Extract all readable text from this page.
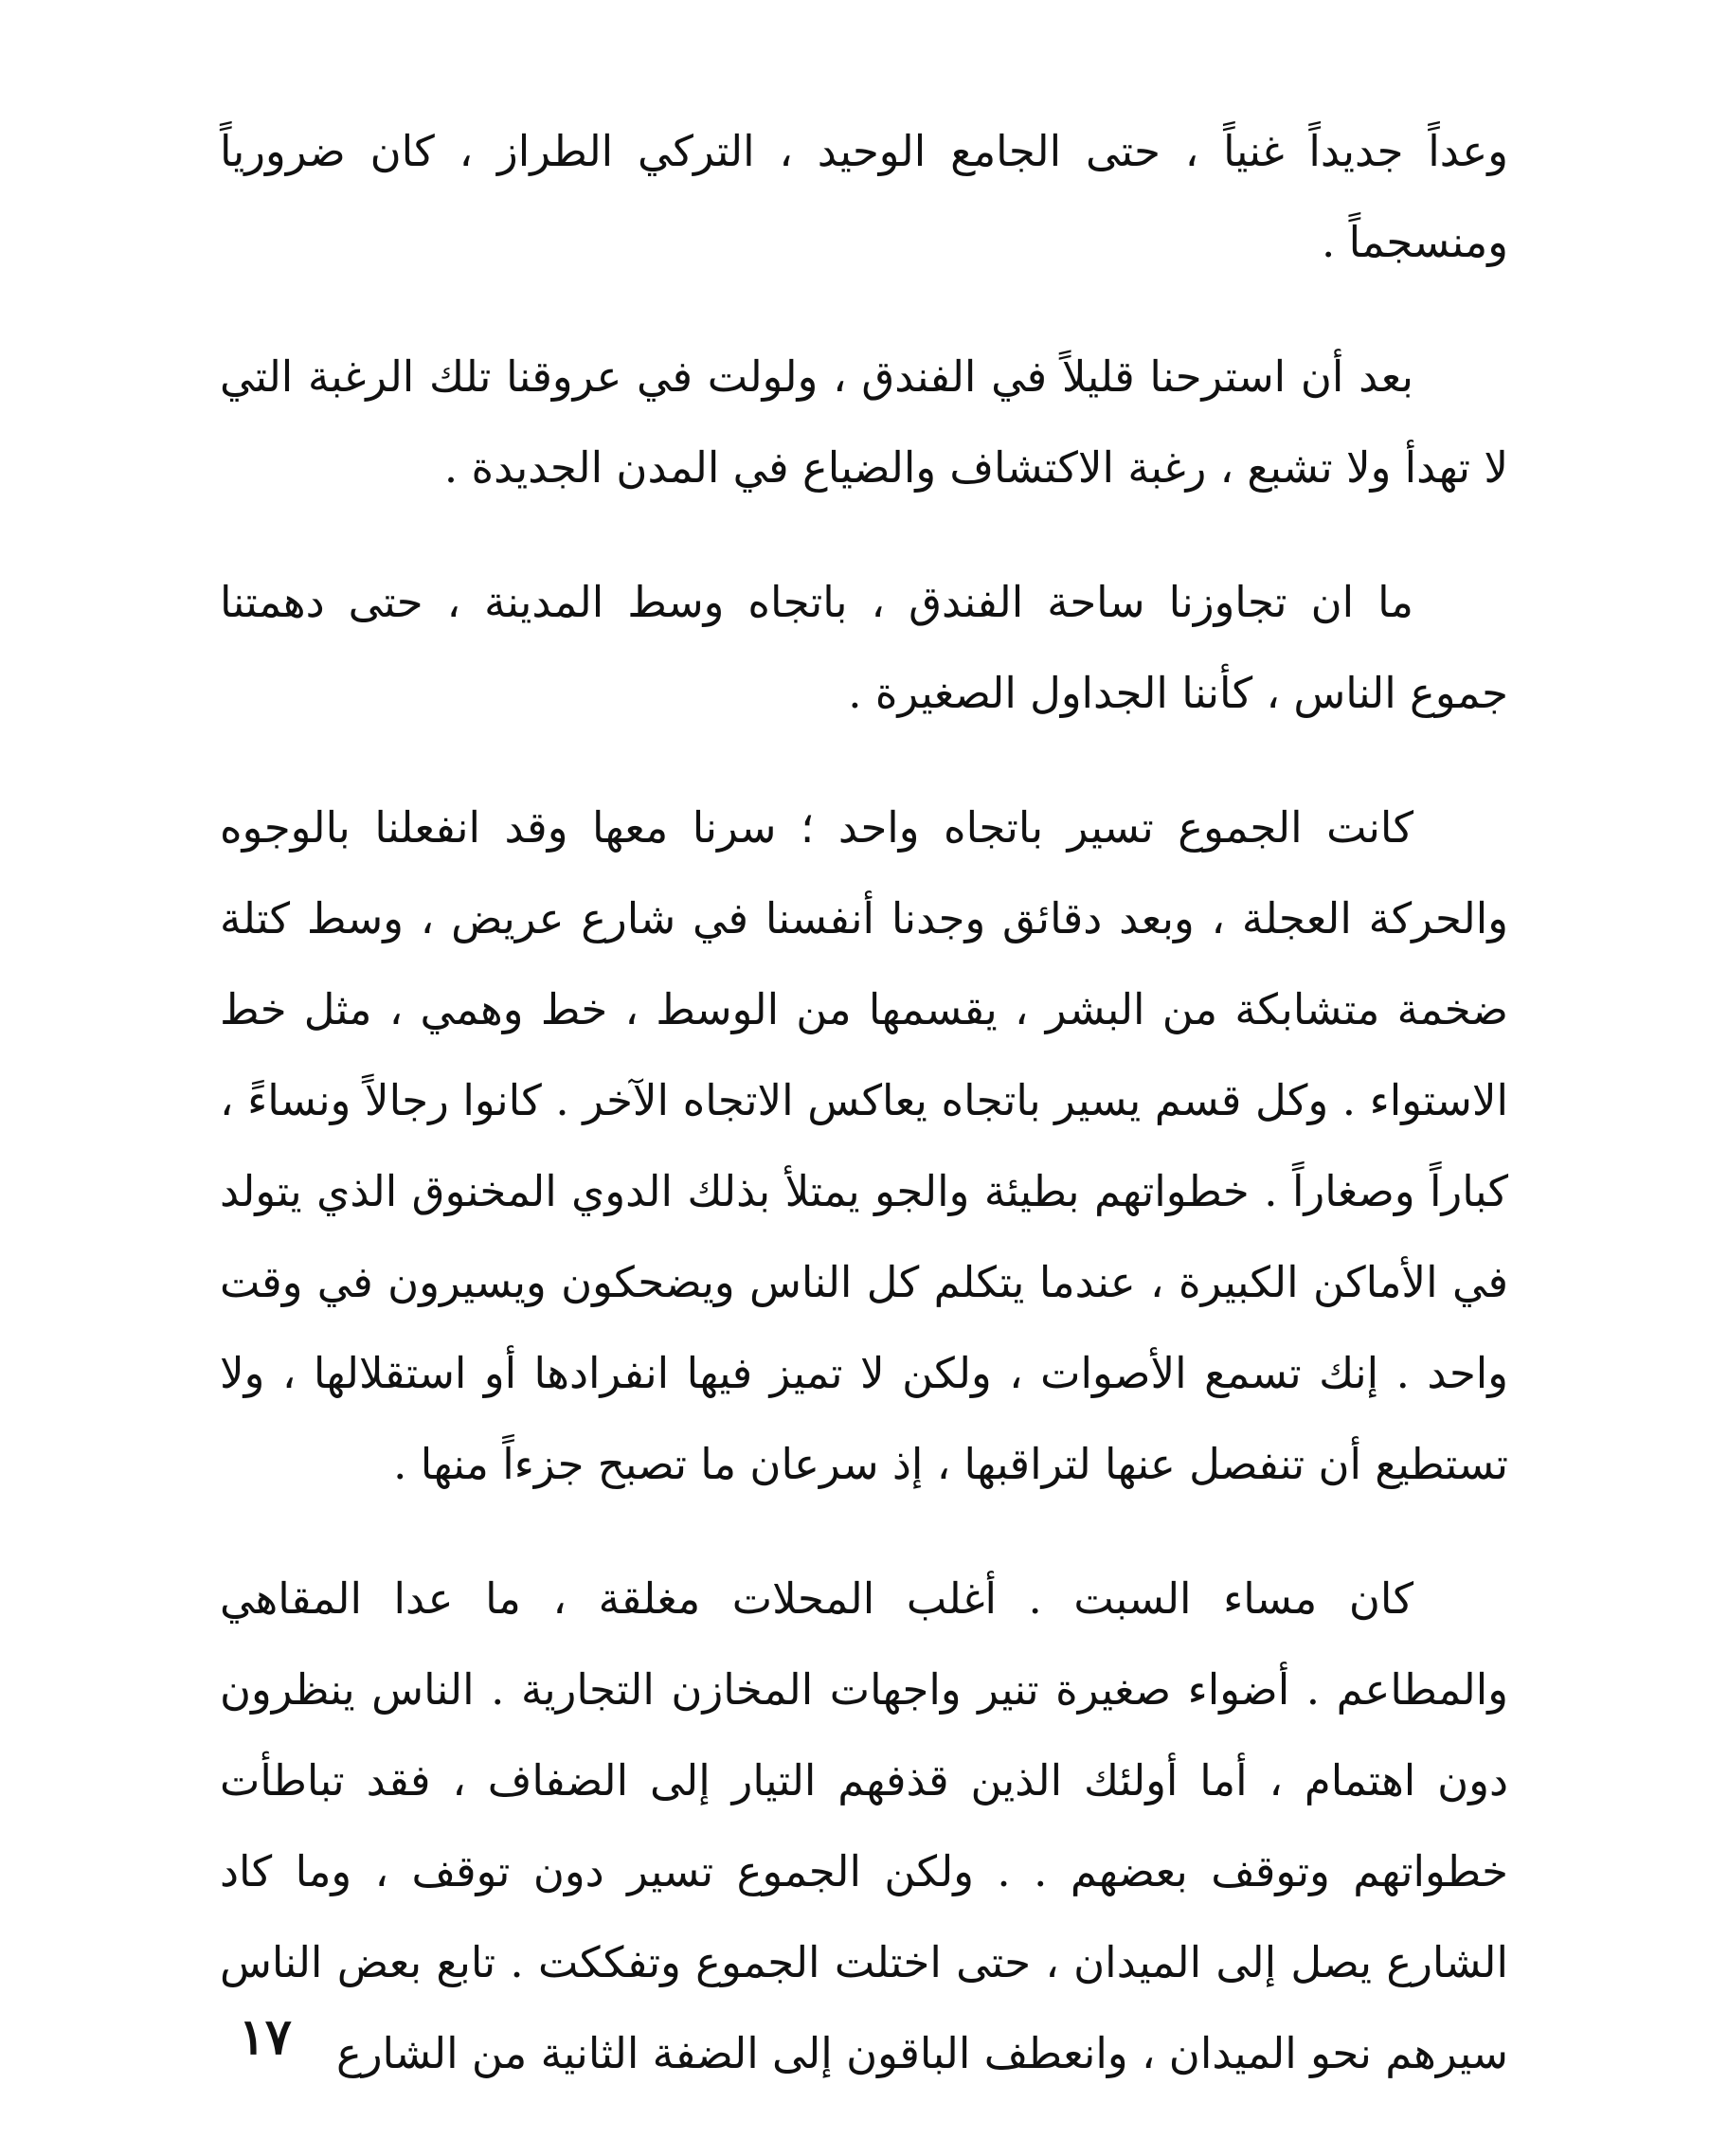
وعداً جديداً غنياً ، حتى الجامع الوحيد ، التركي الطراز ، كان ضرورياً ومنسجماً .

بعد أن استرحنا قليلاً في الفندق ، ولولت في عروقنا تلك الرغبة التي لا تهدأ ولا تشبع ، رغبة الاكتشاف والضياع في المدن الجديدة .

ما ان تجاوزنا ساحة الفندق ، باتجاه وسط المدينة ، حتى دهمتنا جموع الناس ، كأننا الجداول الصغيرة .

كانت الجموع تسير باتجاه واحد ؛ سرنا معها وقد انفعلنا بالوجوه والحركة العجلة ، وبعد دقائق وجدنا أنفسنا في شارع عريض ، وسط كتلة ضخمة متشابكة من البشر ، يقسمها من الوسط ، خط وهمي ، مثل خط الاستواء . وكل قسم يسير باتجاه يعاكس الاتجاه الآخر . كانوا رجالاً ونساءً ، كباراً وصغاراً . خطواتهم بطيئة والجو يمتلأ بذلك الدوي المخنوق الذي يتولد في الأماكن الكبيرة ، عندما يتكلم كل الناس ويضحكون ويسيرون في وقت واحد . إنك تسمع الأصوات ، ولكن لا تميز فيها انفرادها أو استقلالها ، ولا تستطيع أن تنفصل عنها لتراقبها ، إذ سرعان ما تصبح جزءاً منها .

كان مساء السبت . أغلب المحلات مغلقة ، ما عدا المقاهي والمطاعم . أضواء صغيرة تنير واجهات المخازن التجارية . الناس ينظرون دون اهتمام ، أما أولئك الذين قذفهم التيار إلى الضفاف ، فقد تباطأت خطواتهم وتوقف بعضهم . . ولكن الجموع تسير دون توقف ، وما كاد الشارع يصل إلى الميدان ، حتى اختلت الجموع وتفككت . تابع بعض الناس سيرهم نحو الميدان ، وانعطف الباقون إلى الضفة الثانية من الشارع

١٧
